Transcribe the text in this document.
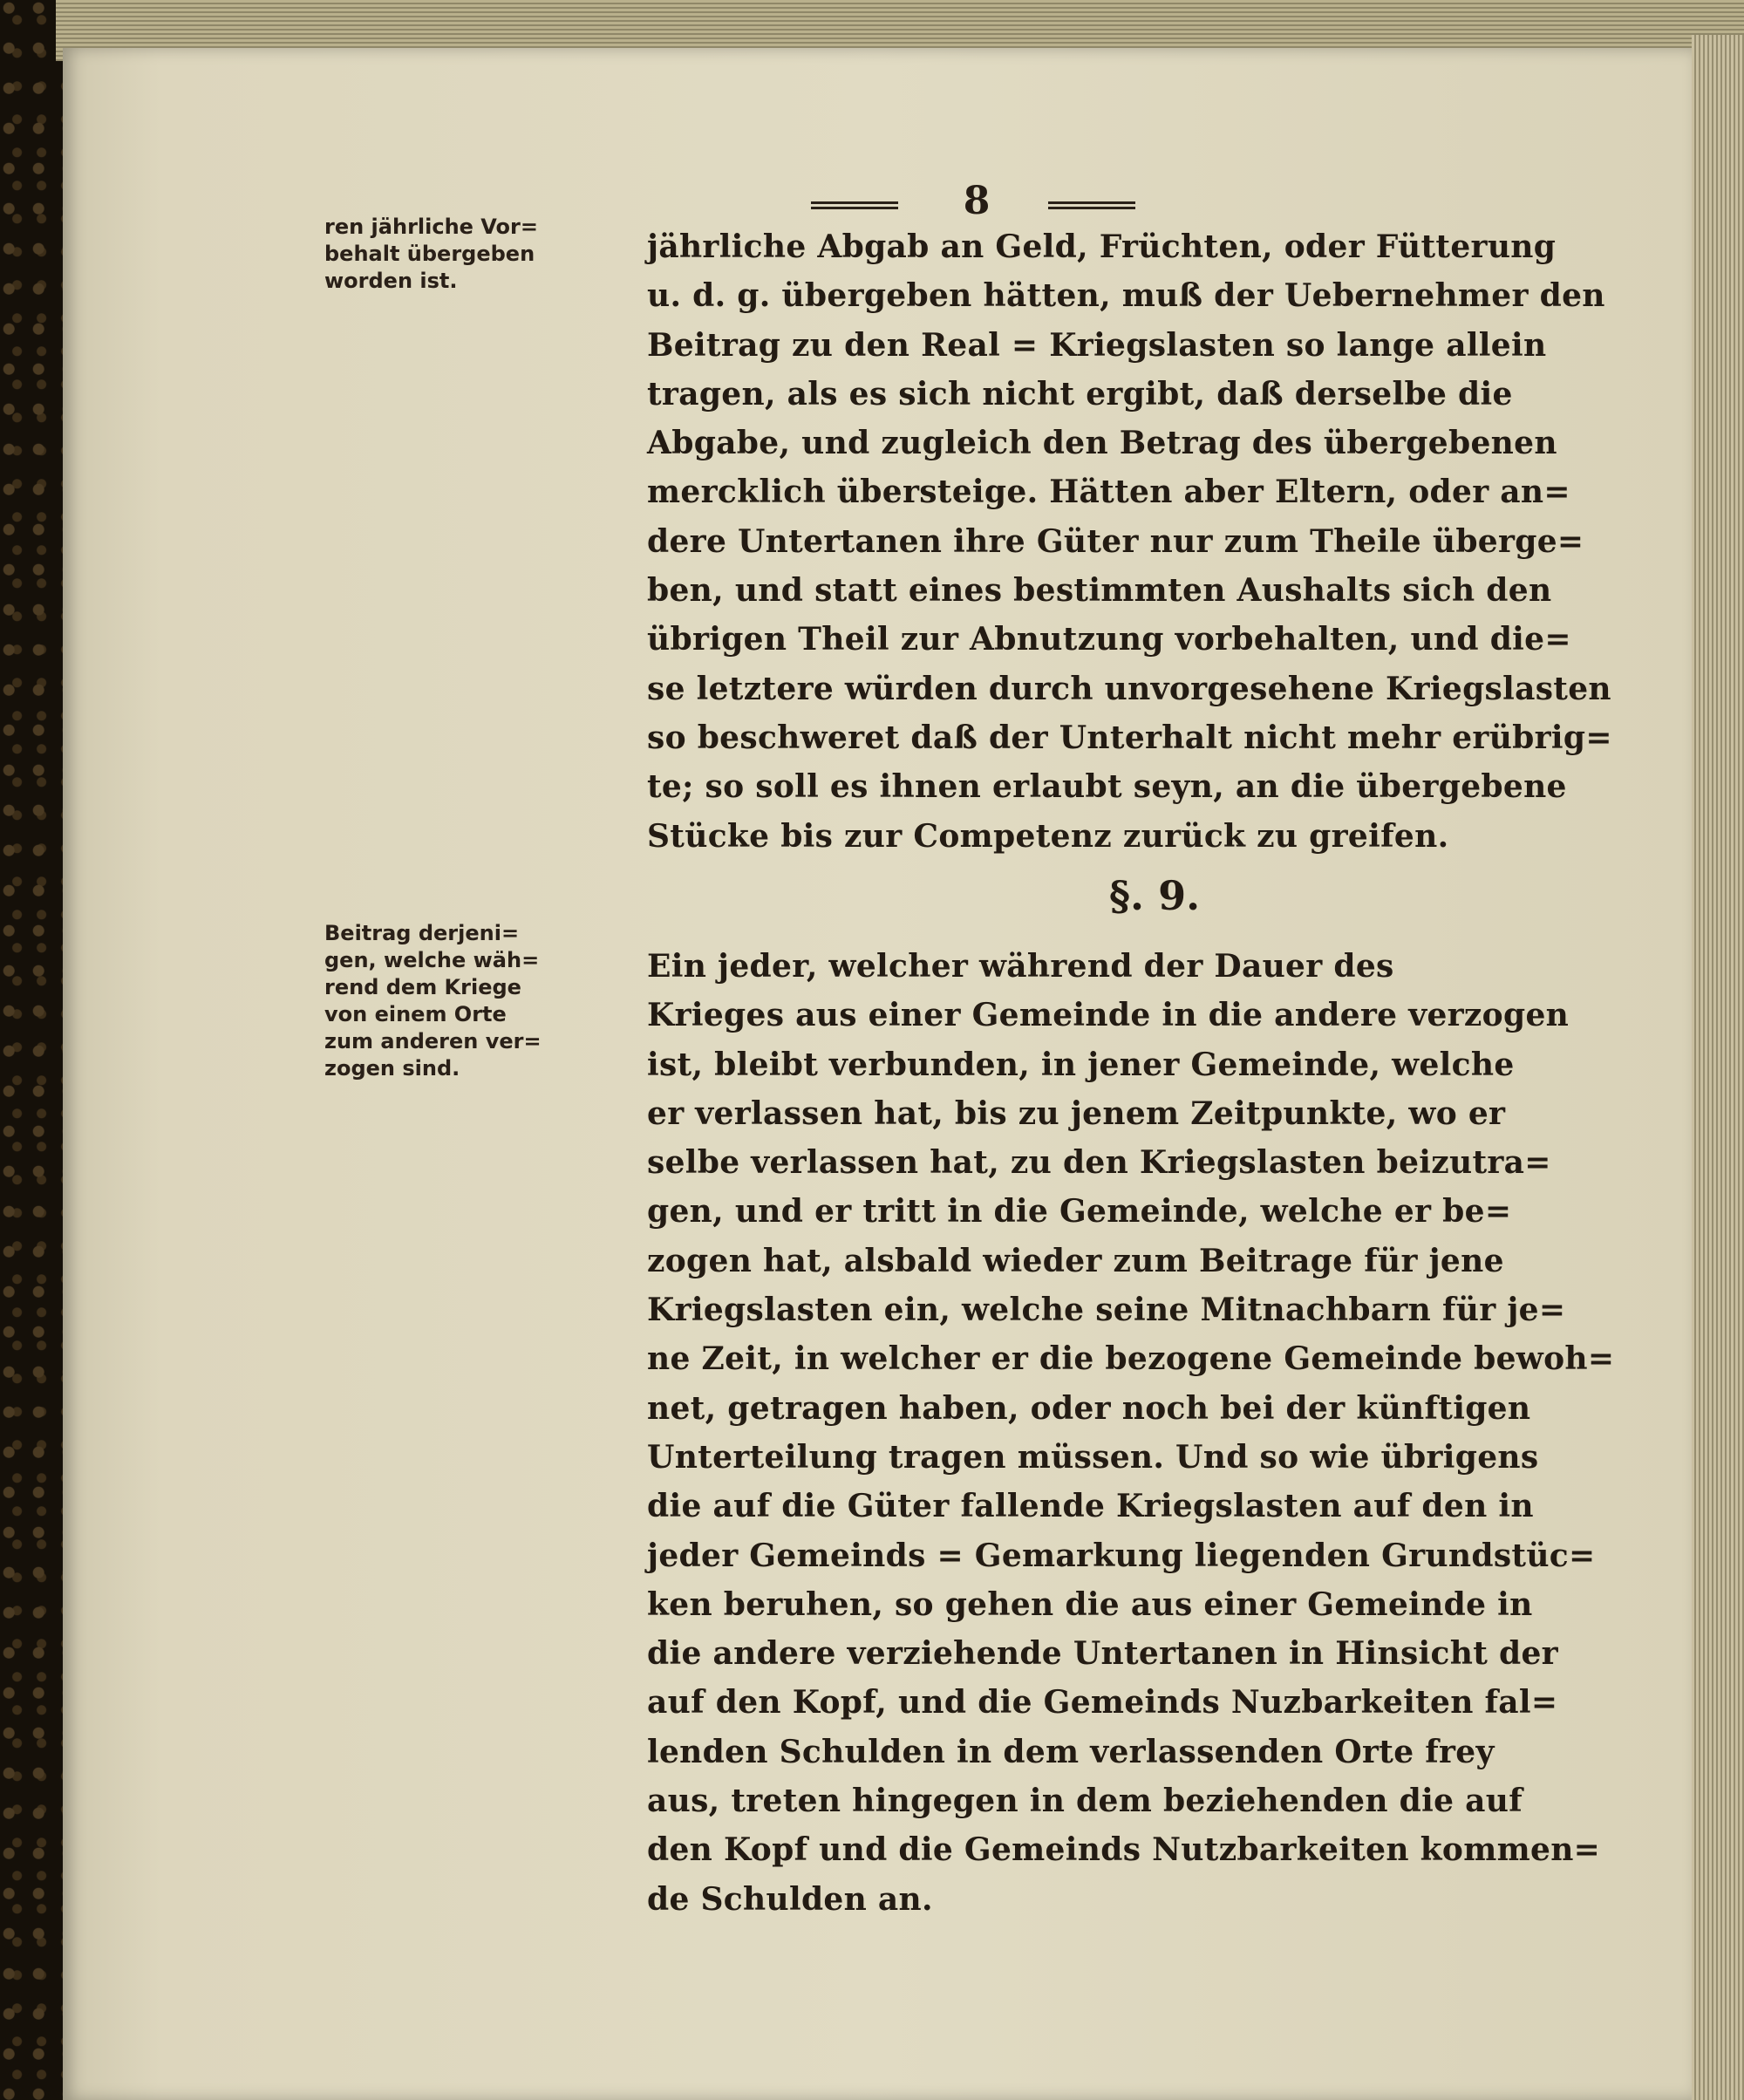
8
ren jährliche Vor=
behalt übergeben
worden ist.
jährliche Abgab an Geld, Früchten, oder Fütterung
u. d. g. übergeben hätten, muß der Uebernehmer den
Beitrag zu den Real = Kriegslasten so lange allein
tragen, als es sich nicht ergibt, daß derselbe die
Abgabe, und zugleich den Betrag des übergebenen
mercklich übersteige. Hätten aber Eltern, oder an=
dere Untertanen ihre Güter nur zum Theile überge=
ben, und statt eines bestimmten Aushalts sich den
übrigen Theil zur Abnutzung vorbehalten, und die=
se letztere würden durch unvorgesehene Kriegslasten
so beschweret daß der Unterhalt nicht mehr erübrig=
te; so soll es ihnen erlaubt seyn, an die übergebene
Stücke bis zur Competenz zurück zu greifen.
§. 9.
Beitrag derjeni=
gen, welche wäh=
rend dem Kriege
von einem Orte
zum anderen ver=
zogen sind.
Ein jeder, welcher während der Dauer des
Krieges aus einer Gemeinde in die andere verzogen
ist, bleibt verbunden, in jener Gemeinde, welche
er verlassen hat, bis zu jenem Zeitpunkte, wo er
selbe verlassen hat, zu den Kriegslasten beizutra=
gen, und er tritt in die Gemeinde, welche er be=
zogen hat, alsbald wieder zum Beitrage für jene
Kriegslasten ein, welche seine Mitnachbarn für je=
ne Zeit, in welcher er die bezogene Gemeinde bewoh=
net, getragen haben, oder noch bei der künftigen
Unterteilung tragen müssen. Und so wie übrigens
die auf die Güter fallende Kriegslasten auf den in
jeder Gemeinds = Gemarkung liegenden Grundstüc=
ken beruhen, so gehen die aus einer Gemeinde in
die andere verziehende Untertanen in Hinsicht der
auf den Kopf, und die Gemeinds Nuzbarkeiten fal=
lenden Schulden in dem verlassenden Orte frey
aus, treten hingegen in dem beziehenden die auf
den Kopf und die Gemeinds Nutzbarkeiten kommen=
de Schulden an.
